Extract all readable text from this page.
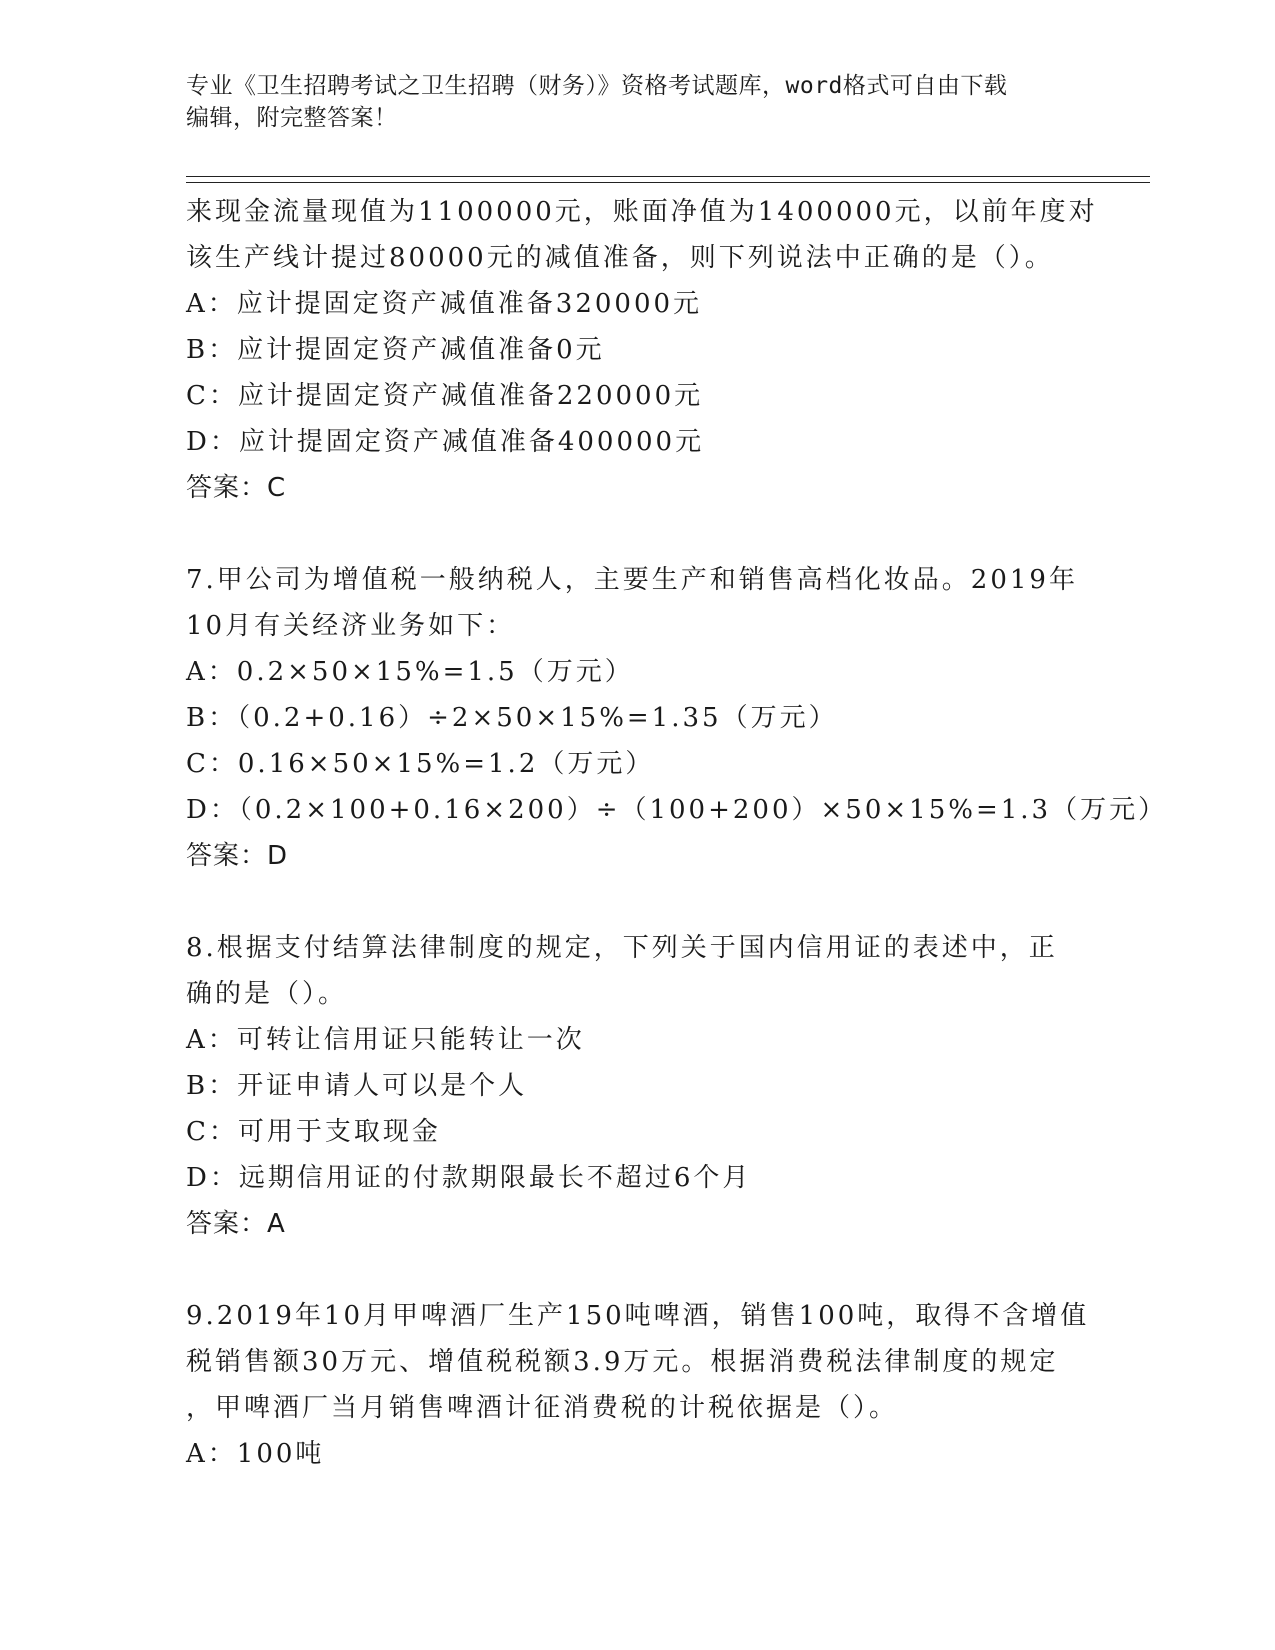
专业《卫生招聘考试之卫生招聘（财务）》资格考试题库，word格式可自由下载
编辑，附完整答案！
来现金流量现值为1100000元，账面净值为1400000元，以前年度对
该生产线计提过80000元的减值准备，则下列说法中正确的是（）。
A：应计提固定资产减值准备320000元
B：应计提固定资产减值准备0元
C：应计提固定资产减值准备220000元
D：应计提固定资产减值准备400000元
答案：C
7.甲公司为增值税一般纳税人，主要生产和销售高档化妆品。2019年
10月有关经济业务如下：
A：0.2×50×15%=1.5（万元）
B：（0.2+0.16）÷2×50×15%=1.35（万元）
C：0.16×50×15%=1.2（万元）
D：（0.2×100+0.16×200）÷（100+200）×50×15%=1.3（万元）
答案：D
8.根据支付结算法律制度的规定，下列关于国内信用证的表述中，正
确的是（）。
A：可转让信用证只能转让一次
B：开证申请人可以是个人
C：可用于支取现金
D：远期信用证的付款期限最长不超过6个月
答案：A
9.2019年10月甲啤酒厂生产150吨啤酒，销售100吨，取得不含增值
税销售额30万元、增值税税额3.9万元。根据消费税法律制度的规定
，甲啤酒厂当月销售啤酒计征消费税的计税依据是（）。
A：100吨
